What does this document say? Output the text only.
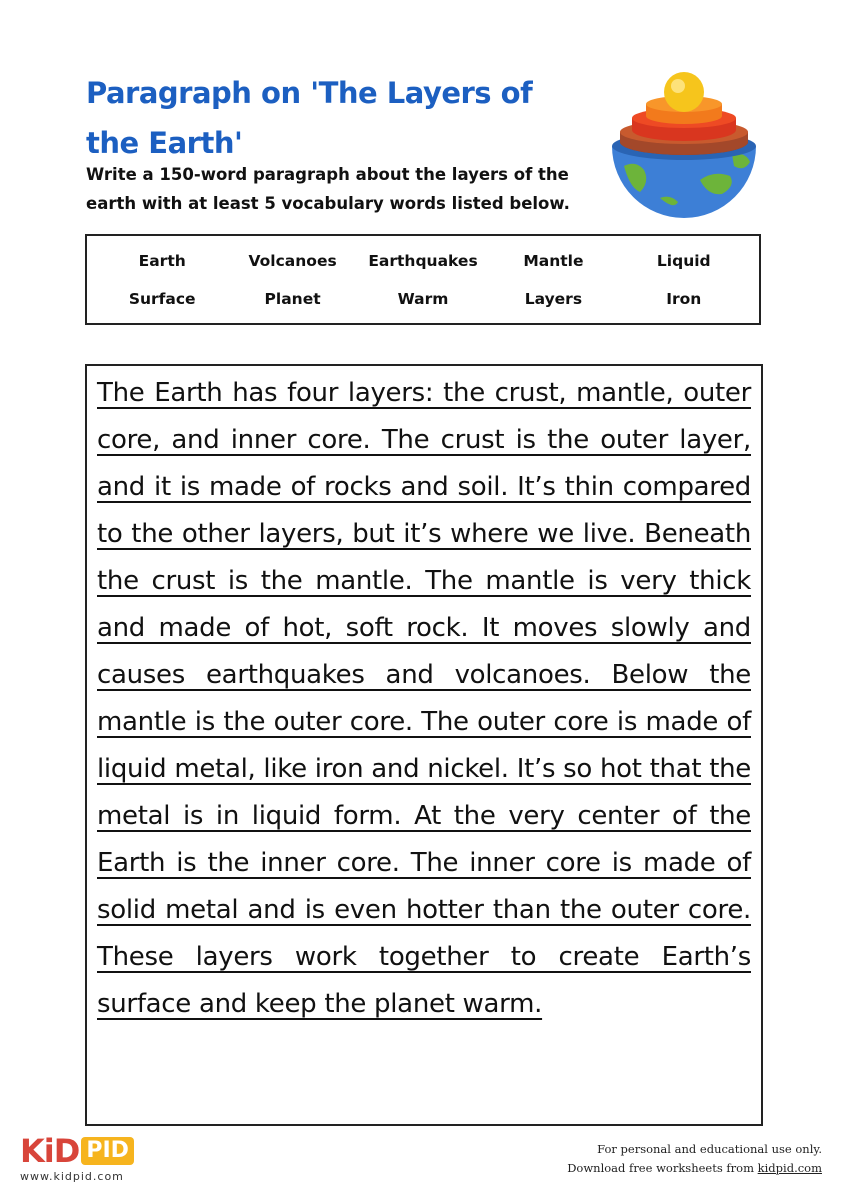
Paragraph on 'The Layers of the Earth'

Write a 150-word paragraph about the layers of the earth with at least 5 vocabulary words listed below.

Earth	Volcanoes	Earthquakes	Mantle	Liquid
Surface	Planet	Warm	Layers	Iron

The Earth has four layers: the crust, mantle, outer core, and inner core. The crust is the outer layer, and it is made of rocks and soil. It’s thin compared to the other layers, but it’s where we live. Beneath the crust is the mantle. The mantle is very thick and made of hot, soft rock. It moves slowly and causes earthquakes and volcanoes. Below the mantle is the outer core. The outer core is made of liquid metal, like iron and nickel. It’s so hot that the metal is in liquid form. At the very center of the Earth is the inner core. The inner core is made of solid metal and is even hotter than the outer core. These layers work together to create Earth’s surface and keep the planet warm.

KiD PID
www.kidpid.com
For personal and educational use only.
Download free worksheets from kidpid.com
